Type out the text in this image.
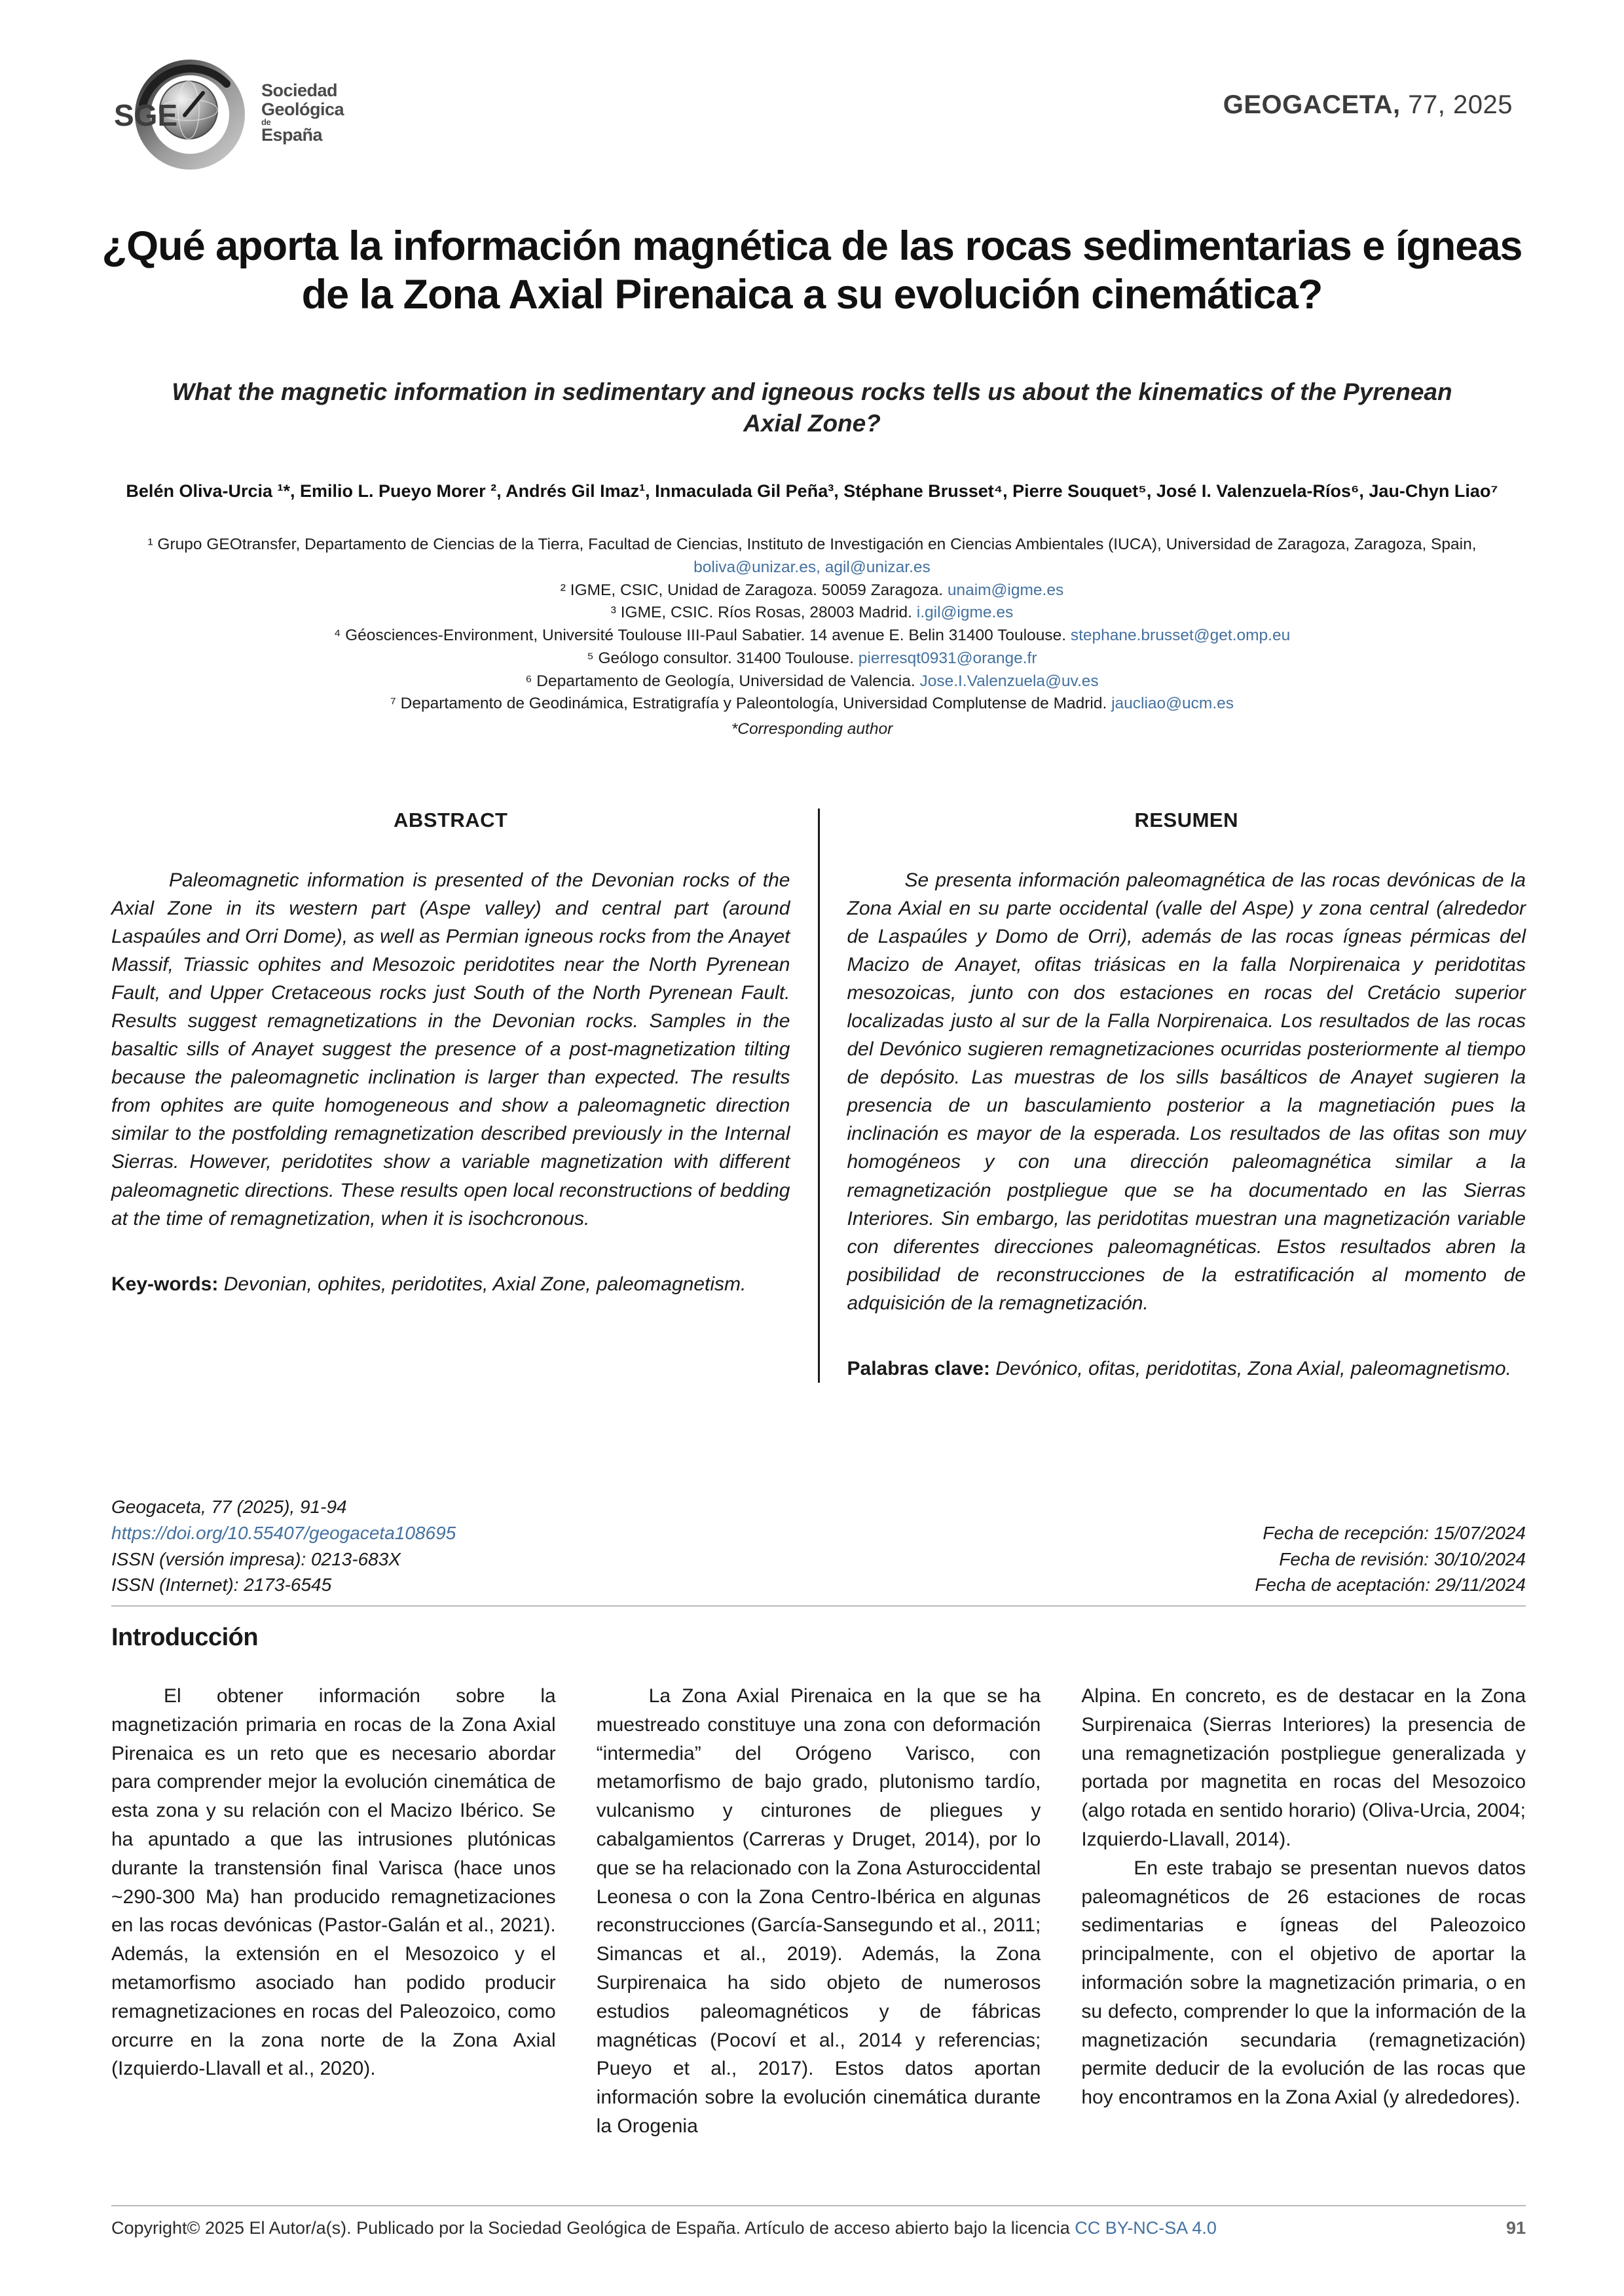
SGE
Sociedad
Geológica
de
España
GEOGACETA, 77, 2025
¿Qué aporta la información magnética de las rocas sedimentarias e ígneas de la Zona Axial Pirenaica a su evolución cinemática?
What the magnetic information in sedimentary and igneous rocks tells us about the kinematics of the Pyrenean Axial Zone?
Belén Oliva-Urcia ¹*, Emilio L. Pueyo Morer ², Andrés Gil Imaz¹, Inmaculada Gil Peña³, Stéphane Brusset⁴, Pierre Souquet⁵, José I. Valenzuela-Ríos⁶, Jau-Chyn Liao⁷
¹ Grupo GEOtransfer, Departamento de Ciencias de la Tierra, Facultad de Ciencias, Instituto de Investigación en Ciencias Ambientales (IUCA), Universidad de Zaragoza, Zaragoza, Spain,
boliva@unizar.es, agil@unizar.es
² IGME, CSIC, Unidad de Zaragoza. 50059 Zaragoza. unaim@igme.es
³ IGME, CSIC. Ríos Rosas, 28003 Madrid. i.gil@igme.es
⁴ Géosciences-Environment, Université Toulouse III-Paul Sabatier. 14 avenue E. Belin 31400 Toulouse. stephane.brusset@get.omp.eu
⁵ Geólogo consultor. 31400 Toulouse. pierresqt0931@orange.fr
⁶ Departamento de Geología, Universidad de Valencia. Jose.I.Valenzuela@uv.es
⁷ Departamento de Geodinámica, Estratigrafía y Paleontología, Universidad Complutense de Madrid. jaucliao@ucm.es
*Corresponding author
ABSTRACT

Paleomagnetic information is presented of the Devonian rocks of the Axial Zone in its western part (Aspe valley) and central part (around Laspaúles and Orri Dome), as well as Permian igneous rocks from the Anayet Massif, Triassic ophites and Mesozoic peridotites near the North Pyrenean Fault, and Upper Cretaceous rocks just South of the North Pyrenean Fault. Results suggest remagnetizations in the Devonian rocks. Samples in the basaltic sills of Anayet suggest the presence of a post-magnetization tilting because the paleomagnetic inclination is larger than expected. The results from ophites are quite homogeneous and show a paleomagnetic direction similar to the postfolding remagnetization described previously in the Internal Sierras. However, peridotites show a variable magnetization with different paleomagnetic directions. These results open local reconstructions of bedding at the time of remagnetization, when it is isochcronous.

Key-words: Devonian, ophites, peridotites, Axial Zone, paleomagnetism.

RESUMEN

Se presenta información paleomagnética de las rocas devónicas de la Zona Axial en su parte occidental (valle del Aspe) y zona central (alrededor de Laspaúles y Domo de Orri), además de las rocas ígneas pérmicas del Macizo de Anayet, ofitas triásicas en la falla Norpirenaica y peridotitas mesozoicas, junto con dos estaciones en rocas del Cretácio superior localizadas justo al sur de la Falla Norpirenaica. Los resultados de las rocas del Devónico sugieren remagnetizaciones ocurridas posteriormente al tiempo de depósito. Las muestras de los sills basálticos de Anayet sugieren la presencia de un basculamiento posterior a la magnetiación pues la inclinación es mayor de la esperada. Los resultados de las ofitas son muy homogéneos y con una dirección paleomagnética similar a la remagnetización postpliegue que se ha documentado en las Sierras Interiores. Sin embargo, las peridotitas muestran una magnetización variable con diferentes direcciones paleomagnéticas. Estos resultados abren la posibilidad de reconstrucciones de la estratificación al momento de adquisición de la remagnetización.

Palabras clave: Devónico, ofitas, peridotitas, Zona Axial, paleomagnetismo.

Geogaceta, 77 (2025), 91-94
https://doi.org/10.55407/geogaceta108695
ISSN (versión impresa): 0213-683X
ISSN (Internet): 2173-6545
Fecha de recepción: 15/07/2024
Fecha de revisión: 30/10/2024
Fecha de aceptación: 29/11/2024
Introducción

El obtener información sobre la magnetización primaria en rocas de la Zona Axial Pirenaica es un reto que es necesario abordar para comprender mejor la evolución cinemática de esta zona y su relación con el Macizo Ibérico. Se ha apuntado a que las intrusiones plutónicas durante la transtensión final Varisca (hace unos ~290-300 Ma) han producido remagnetizaciones en las rocas devónicas (Pastor-Galán et al., 2021). Además, la extensión en el Mesozoico y el metamorfismo asociado han podido producir remagnetizaciones en rocas del Paleozoico, como orcurre en la zona norte de la Zona Axial (Izquierdo-Llavall et al., 2020).

La Zona Axial Pirenaica en la que se ha muestreado constituye una zona con deformación “intermedia” del Orógeno Varisco, con metamorfismo de bajo grado, plutonismo tardío, vulcanismo y cinturones de pliegues y cabalgamientos (Carreras y Druget, 2014), por lo que se ha relacionado con la Zona Asturoccidental Leonesa o con la Zona Centro-Ibérica en algunas reconstrucciones (García-Sansegundo et al., 2011; Simancas et al., 2019). Además, la Zona Surpirenaica ha sido objeto de numerosos estudios paleomagnéticos y de fábricas magnéticas (Pocoví et al., 2014 y referencias; Pueyo et al., 2017). Estos datos aportan información sobre la evolución cinemática durante la Orogenia

Alpina. En concreto, es de destacar en la Zona Surpirenaica (Sierras Interiores) la presencia de una remagnetización postpliegue generalizada y portada por magnetita en rocas del Mesozoico (algo rotada en sentido horario) (Oliva-Urcia, 2004; Izquierdo-Llavall, 2014).

En este trabajo se presentan nuevos datos paleomagnéticos de 26 estaciones de rocas sedimentarias e ígneas del Paleozoico principalmente, con el objetivo de aportar la información sobre la magnetización primaria, o en su defecto, comprender lo que la información de la magnetización secundaria (remagnetización) permite deducir de la evolución de las rocas que hoy encontramos en la Zona Axial (y alrededores).

Copyright© 2025 El Autor/a(s). Publicado por la Sociedad Geológica de España. Artículo de acceso abierto bajo la licencia CC BY-NC-SA 4.0	91
